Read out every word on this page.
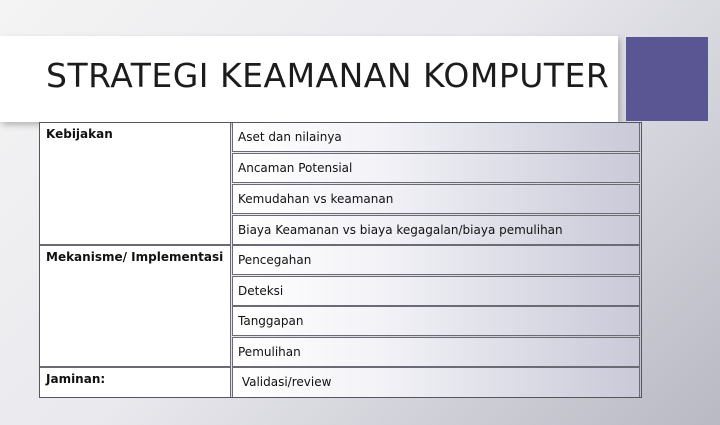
STRATEGI KEAMANAN KOMPUTER
Kebijakan	Aset dan nilainya
Ancaman Potensial
Kemudahan vs keamanan
Biaya Keamanan vs biaya kegagalan/biaya pemulihan
Mekanisme/ Implementasi Pencegahan
Deteksi
Tanggapan
Pemulihan
Jaminan:	Validasi/review
